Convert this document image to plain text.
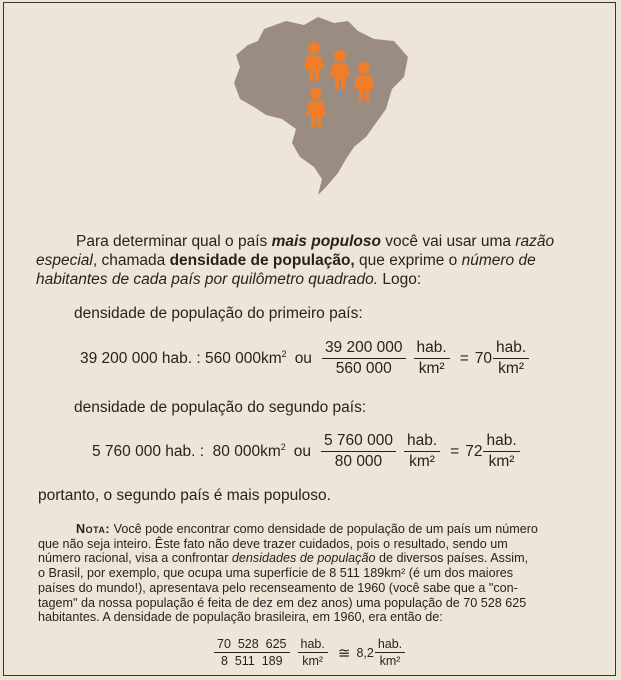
Para determinar qual o país mais populoso você vai usar uma razão
especial, chamada densidade de população, que exprime o número de
habitantes de cada país por quilômetro quadrado. Logo:
densidade de população do primeiro país:
39 200 000 hab. : 560 $000km^2$ ou $\frac{39 200 000}{560 000} \frac{\text{hab.}}{\text{km²}} = 70 \frac{\text{hab.}}{\text{km²}}$
densidade de população do segundo país:
5 760 000 hab. :  80 $000km^2$ ou $\frac{5 760 000}{80 000} \frac{\text{hab.}}{\text{km²}} = 72 \frac{\text{hab.}}{\text{km²}}$
portanto, o segundo país é mais populoso.
Nota: Você pode encontrar como densidade de população de um país um número
que não seja inteiro. Êste fato não deve trazer cuidados, pois o resultado, sendo um
número racional, visa a confrontar densidades de população de diversos países. Assim,
o Brasil, por exemplo, que ocupa uma superfície de 8 511 189km² (é um dos maiores
países do mundo!), apresentava pelo recenseamento de 1960 (você sabe que a "con-
tagem" da nossa população é feita de dez em dez anos) uma população de 70 528 625
habitantes. A densidade de população brasileira, em 1960, era então de:
$\frac{70 528 625}{8 511 189} \frac{\text{hab.}}{\text{km²}}$ ≅ $8,2 \frac{\text{hab.}}{\text{km²}}$
